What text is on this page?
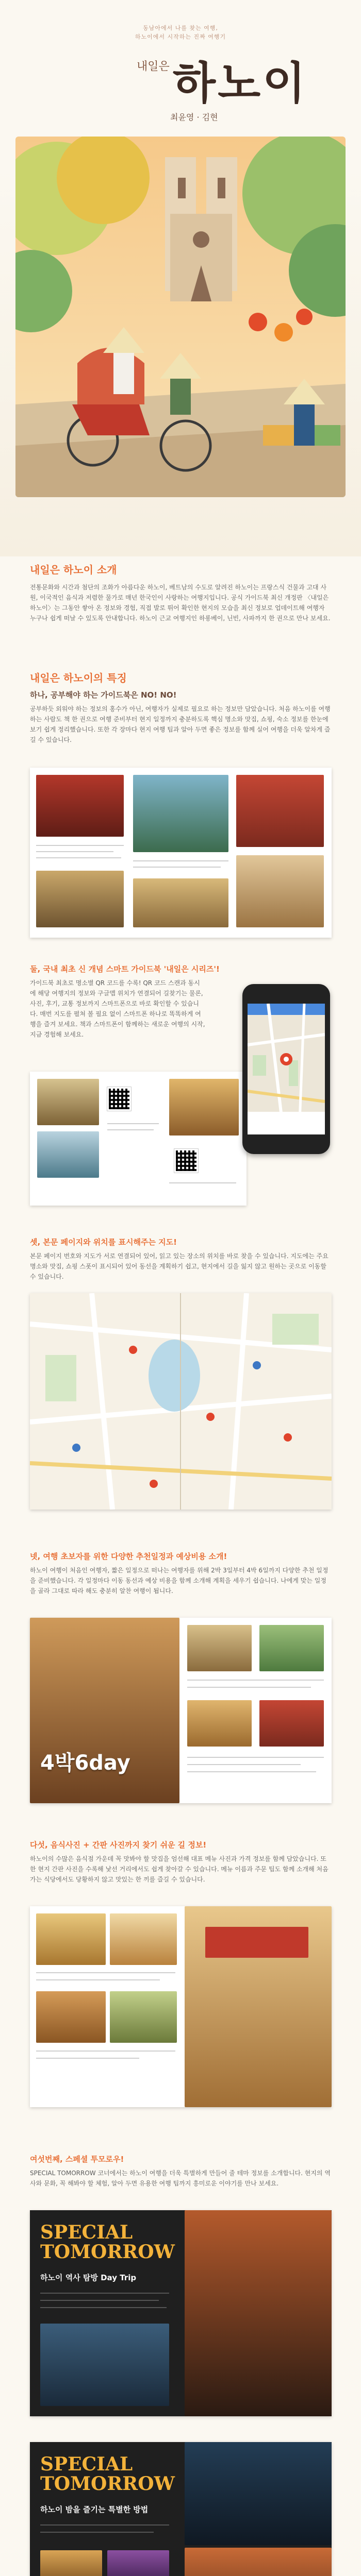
동남아에서 나를 찾는 여행,
하노이에서 시작하는 진짜 여행기
내일은 하노이
최윤영 · 김현
내일은 하노이 소개
전통문화와 시간과 첨단의 조화가 아름다운 하노이, 베트남의 수도로 알려진 하노이는 프랑스식 건물과 고대 사원, 이국적인 음식과 저렴한 물가로 매년 한국인이 사랑하는 여행지입니다. 공식 가이드북 최신 개정판 〈내일은 하노이〉는 그동안 쌓아 온 정보와 경험, 직접 발로 뛰어 확인한 현지의 모습을 최신 정보로 업데이트해 여행자 누구나 쉽게 떠날 수 있도록 안내합니다. 하노이 근교 여행지인 하롱베이, 닌빈, 사파까지 한 권으로 만나 보세요.
내일은 하노이의 특징
하나, 공부해야 하는 가이드북은 NO! NO!
공부하듯 외워야 하는 정보의 홍수가 아닌, 여행자가 실제로 필요로 하는 정보만 담았습니다. 처음 하노이를 여행하는 사람도 책 한 권으로 여행 준비부터 현지 일정까지 충분하도록 핵심 명소와 맛집, 쇼핑, 숙소 정보를 한눈에 보기 쉽게 정리했습니다. 또한 각 장마다 현지 여행 팁과 알아 두면 좋은 정보를 함께 실어 여행을 더욱 알차게 즐길 수 있습니다.
둘, 국내 최초 신 개념 스마트 가이드북 '내일은 시리즈'!
가이드북 최초로 명소별 QR 코드를 수록! QR 코드 스캔과 동시에 해당 여행지의 정보와 구글맵 위치가 연결되어 길찾기는 물론, 사진, 후기, 교통 정보까지 스마트폰으로 바로 확인할 수 있습니다. 매번 지도를 펼쳐 볼 필요 없이 스마트폰 하나로 똑똑하게 여행을 즐겨 보세요. 책과 스마트폰이 함께하는 새로운 여행의 시작, 지금 경험해 보세요.
셋, 본문 페이지와 위치를 표시해주는 지도!
본문 페이지 번호와 지도가 서로 연결되어 있어, 읽고 있는 장소의 위치를 바로 찾을 수 있습니다. 지도에는 주요 명소와 맛집, 쇼핑 스폿이 표시되어 있어 동선을 계획하기 쉽고, 현지에서 길을 잃지 않고 원하는 곳으로 이동할 수 있습니다.
넷, 여행 초보자를 위한 다양한 추천일정과 예상비용 소개!
하노이 여행이 처음인 여행자, 짧은 일정으로 떠나는 여행자를 위해 2박 3일부터 4박 6일까지 다양한 추천 일정을 준비했습니다. 각 일정마다 이동 동선과 예상 비용을 함께 소개해 계획을 세우기 쉽습니다. 나에게 맞는 일정을 골라 그대로 따라 해도 충분히 알찬 여행이 됩니다.
4박6day
다섯, 음식사진 + 간판 사진까지 찾기 쉬운 길 정보!
하노이의 수많은 음식점 가운데 꼭 맛봐야 할 맛집을 엄선해 대표 메뉴 사진과 가격 정보를 함께 담았습니다. 또한 현지 간판 사진을 수록해 낯선 거리에서도 쉽게 찾아갈 수 있습니다. 메뉴 이름과 주문 팁도 함께 소개해 처음 가는 식당에서도 당황하지 않고 맛있는 한 끼를 즐길 수 있습니다.
여섯번째, 스페셜 투모로우!
SPECIAL TOMORROW 코너에서는 하노이 여행을 더욱 특별하게 만들어 줄 테마 정보를 소개합니다. 현지의 역사와 문화, 꼭 해봐야 할 체험, 알아 두면 유용한 여행 팁까지 흥미로운 이야기를 만나 보세요.
SPECIAL
TOMORROW
하노이 역사 탐방 Day Trip
SPECIAL
TOMORROW
하노이 밤을 즐기는 특별한 방법
